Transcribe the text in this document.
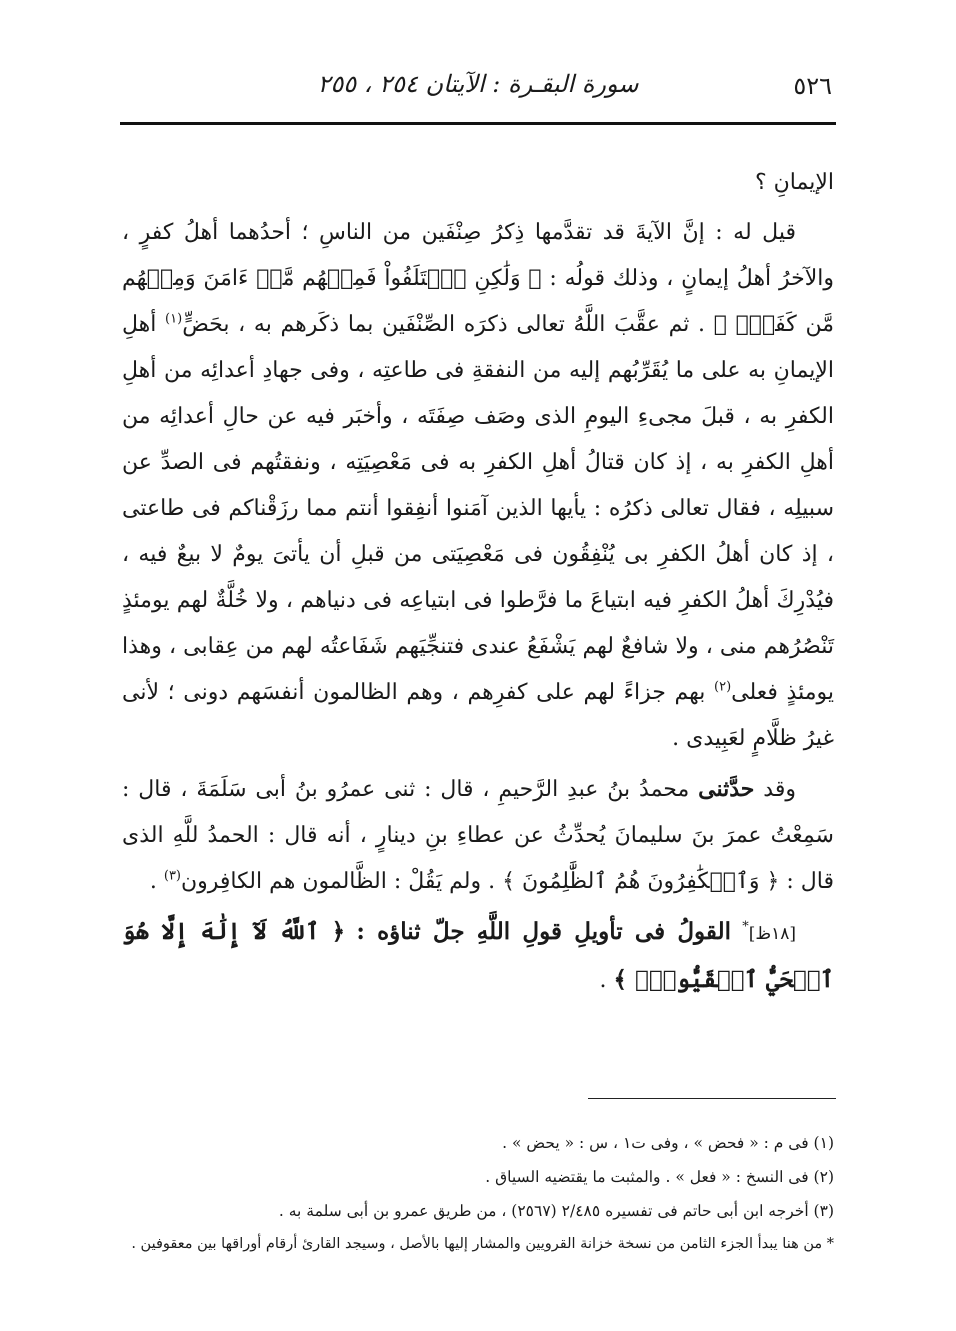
٥٢٦
سورة البقـرة : الآيتان ٢٥٤ ، ٢٥٥

الإيمانِ ؟

قيل له : إنَّ الآيةَ قد تقدَّمها ذِكرُ صِنْفَين من الناسِ ؛ أحدُهما أهلُ كفرٍ ، والآخرُ أهلُ إيمانٍ ، وذلك قولُه : ﴿ وَلَٰكِنِ ٱخۡتَلَفُواْ فَمِنۡهُم مَّنۡ ءَامَنَ وَمِنۡهُم مَّن كَفَرَۚ ﴾ . ثم عقَّبَ اللَّهُ تعالى ذكرَه الصِّنْفَين بما ذكَرهم به ، بحَضٍّ$^{(١)}$ أهلِ الإيمانِ به على ما يُقَرِّبُهم إليه من النفقةِ فى طاعتِه ، وفى جهادِ أعدائِه من أهلِ الكفرِ به ، قبلَ مجىءِ اليومِ الذى وصَف صِفَتَه ، وأخبَر فيه عن حالِ أعدائِه من أهلِ الكفرِ به ، إذ كان قتالُ أهلِ الكفرِ به فى مَعْصِيَتِه ، ونفقتُهم فى الصدِّ عن سبيلِه ، فقال تعالى ذكرُه : يأيها الذين آمَنوا أنفِقوا أنتم مما رزَقْناكم فى طاعتى ، إذ كان أهلُ الكفرِ بى يُنْفِقُون فى مَعْصِيَتى من قبلِ أن يأتىَ يومٌ لا بيعٌ فيه ، فيُدْرِكَ أهلُ الكفرِ فيه ابتياعَ ما فرَّطوا فى ابتياعِه فى دنياهم ، ولا خُلَّةٌ لهم يومئذٍ تَنْصُرُهم منى ، ولا شافعٌ لهم يَشْفَعُ عندى فتنجِّيَهم شَفَاعتُه لهم من عِقابى ، وهذا يومئذٍ فعلى$^{(٢)}$ بهم جزاءً لهم على كفرِهم ، وهم الظالمون أنفسَهم دونى ؛ لأنى غيرُ ظلَّامٍ لعَبِيدى .

وقد حدَّثنى محمدُ بنُ عبدِ الرَّحيمِ ، قال : ثنى عمرُو بنُ أبى سَلَمَةَ ، قال : سَمِعْتُ عمرَ بنَ سليمانَ يُحدِّثُ عن عطاءِ بنِ دينارٍ ، أنه قال : الحمدُ للَّهِ الذى قال : ﴿ وَٱلۡكَٰفِرُونَ هُمُ ٱلظَّٰلِمُونَ ﴾ . ولم يَقُلْ : الظَّالمون هم الكافِرون$^{(٣)}$ .

[١٨ظ]* القولُ فى تأويلِ قولِ اللَّهِ جلّ ثناؤه : ﴿ ٱللَّهُ لَآ إِلَٰهَ إِلَّا هُوَ ٱلۡحَيُّ ٱلۡقَيُّومُۚ ﴾ .

(١) فى م : « فحض » ، وفى ت١ ، س : « يحض » .

(٢) فى النسخ : « فعل » . والمثبت ما يقتضيه السياق .

(٣) أخرجه ابن أبى حاتم فى تفسيره ٢/٤٨٥ (٢٥٦٧) ، من طريق عمرو بن أبى سلمة به .

* من هنا يبدأ الجزء الثامن من نسخة خزانة القرويين والمشار إليها بالأصل ، وسيجد القارئ أرقام أوراقها بين معقوفين .
